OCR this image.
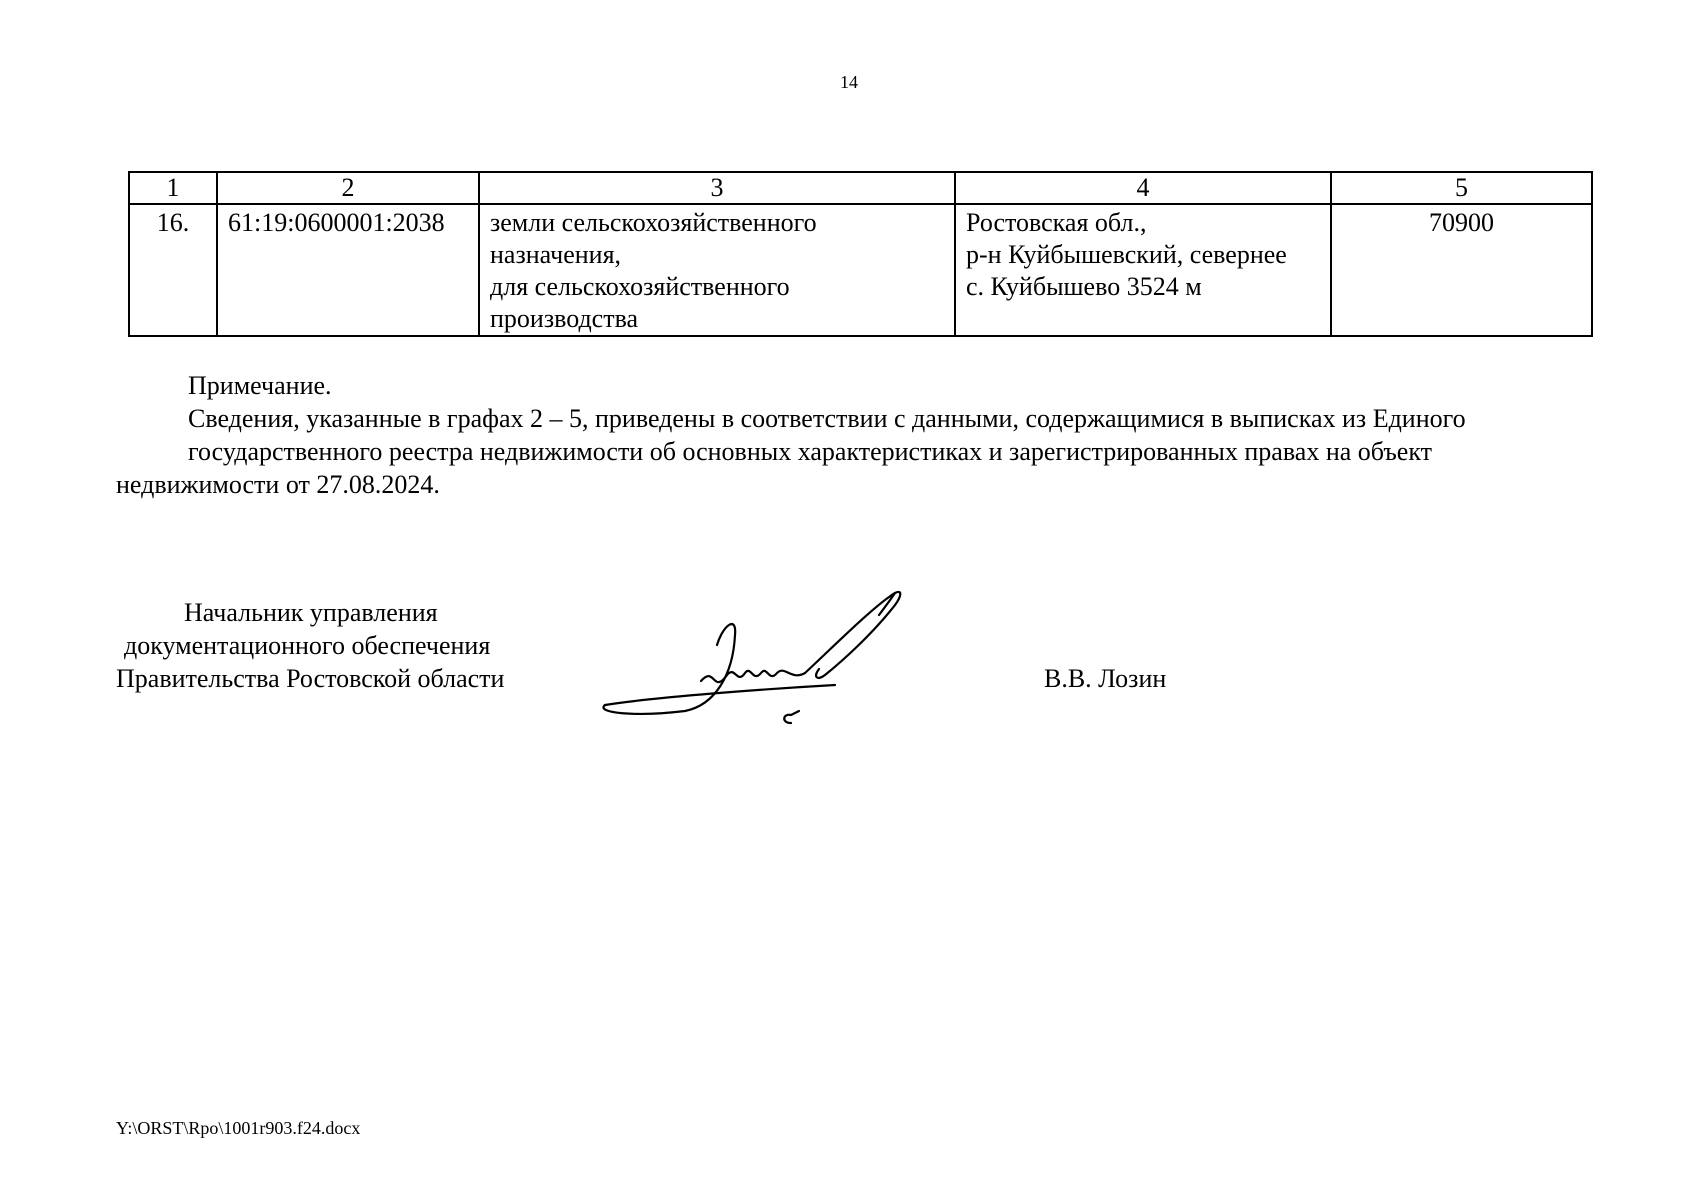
14
1	2	3	4	5
16.	61:19:0600001:2038	земли сельскохозяйственного
назначения,
для сельскохозяйственного
производства	Ростовская обл.,
р-н Куйбышевский, севернее
с. Куйбышево 3524 м	70900

Примечание.

Сведения, указанные в графах 2 – 5, приведены в соответствии с данными, содержащимися в выписках из Единого

государственного реестра недвижимости об основных характеристиках и зарегистрированных правах на объект

недвижимости от 27.08.2024.

Начальник управления
документационного обеспечения
Правительства Ростовской области	В.В. Лозин
Y:\ORST\Rpo\1001r903.f24.docx
